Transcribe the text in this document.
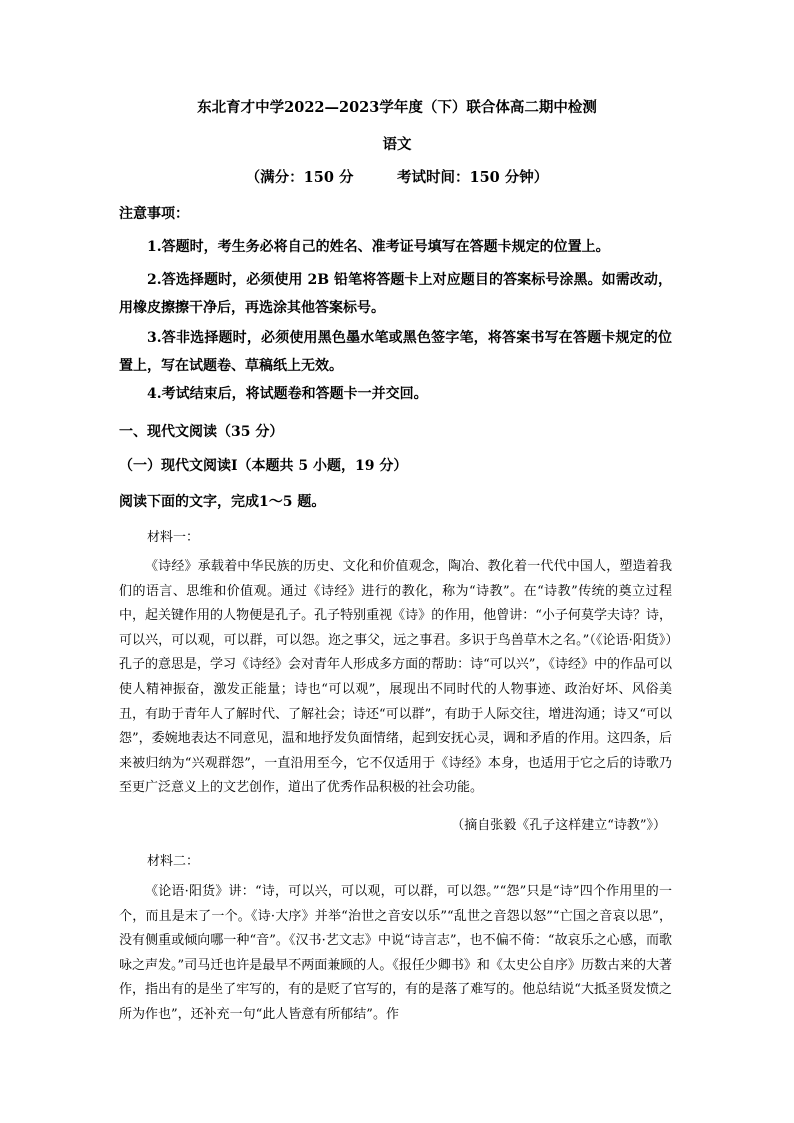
东北育才中学2022—2023学年度（下）联合体高二期中检测
语文
（满分：150 分　　　考试时间：150 分钟）
注意事项：
1.答题时，考生务必将自己的姓名、准考证号填写在答题卡规定的位置上。
2.答选择题时，必须使用 2B 铅笔将答题卡上对应题目的答案标号涂黑。如需改动，用橡皮擦擦干净后，再选涂其他答案标号。
3.答非选择题时，必须使用黑色墨水笔或黑色签字笔，将答案书写在答题卡规定的位置上，写在试题卷、草稿纸上无效。
4.考试结束后，将试题卷和答题卡一并交回。
一、现代文阅读（35 分）
（一）现代文阅读Ⅰ（本题共 5 小题，19 分）
阅读下面的文字，完成1～5 题。
材料一：
《诗经》承载着中华民族的历史、文化和价值观念，陶冶、教化着一代代中国人，塑造着我们的语言、思维和价值观。通过《诗经》进行的教化，称为“诗教”。在“诗教”传统的奠立过程中，起关键作用的人物便是孔子。孔子特别重视《诗》的作用，他曾讲：“小子何莫学夫诗？诗，可以兴，可以观，可以群，可以怨。迩之事父，远之事君。多识于鸟兽草木之名。”（《论语·阳货》）孔子的意思是，学习《诗经》会对青年人形成多方面的帮助：诗“可以兴”，《诗经》中的作品可以使人精神振奋，激发正能量；诗也“可以观”，展现出不同时代的人物事迹、政治好坏、风俗美丑，有助于青年人了解时代、了解社会；诗还“可以群”，有助于人际交往，增进沟通；诗又“可以怨”，委婉地表达不同意见，温和地抒发负面情绪，起到安抚心灵，调和矛盾的作用。这四条，后来被归纳为“兴观群怨”，一直沿用至今，它不仅适用于《诗经》本身，也适用于它之后的诗歌乃至更广泛意义上的文艺创作，道出了优秀作品积极的社会功能。
（摘自张毅《孔子这样建立“诗教”》）
材料二：
《论语·阳货》讲：“诗，可以兴，可以观，可以群，可以怨。”“怨”只是“诗”四个作用里的一个，而且是末了一个。《诗·大序》并举“治世之音安以乐”“乱世之音怨以怒”“亡国之音哀以思”，没有侧重或倾向哪一种“音”。《汉书·艺文志》中说“诗言志”，也不偏不倚：“故哀乐之心感，而歌咏之声发。”司马迁也许是最早不两面兼顾的人。《报任少卿书》和《太史公自序》历数古来的大著作，指出有的是坐了牢写的，有的是贬了官写的，有的是落了难写的。他总结说“大抵圣贤发愤之所为作也”，还补充一句“此人皆意有所郁结”。作
